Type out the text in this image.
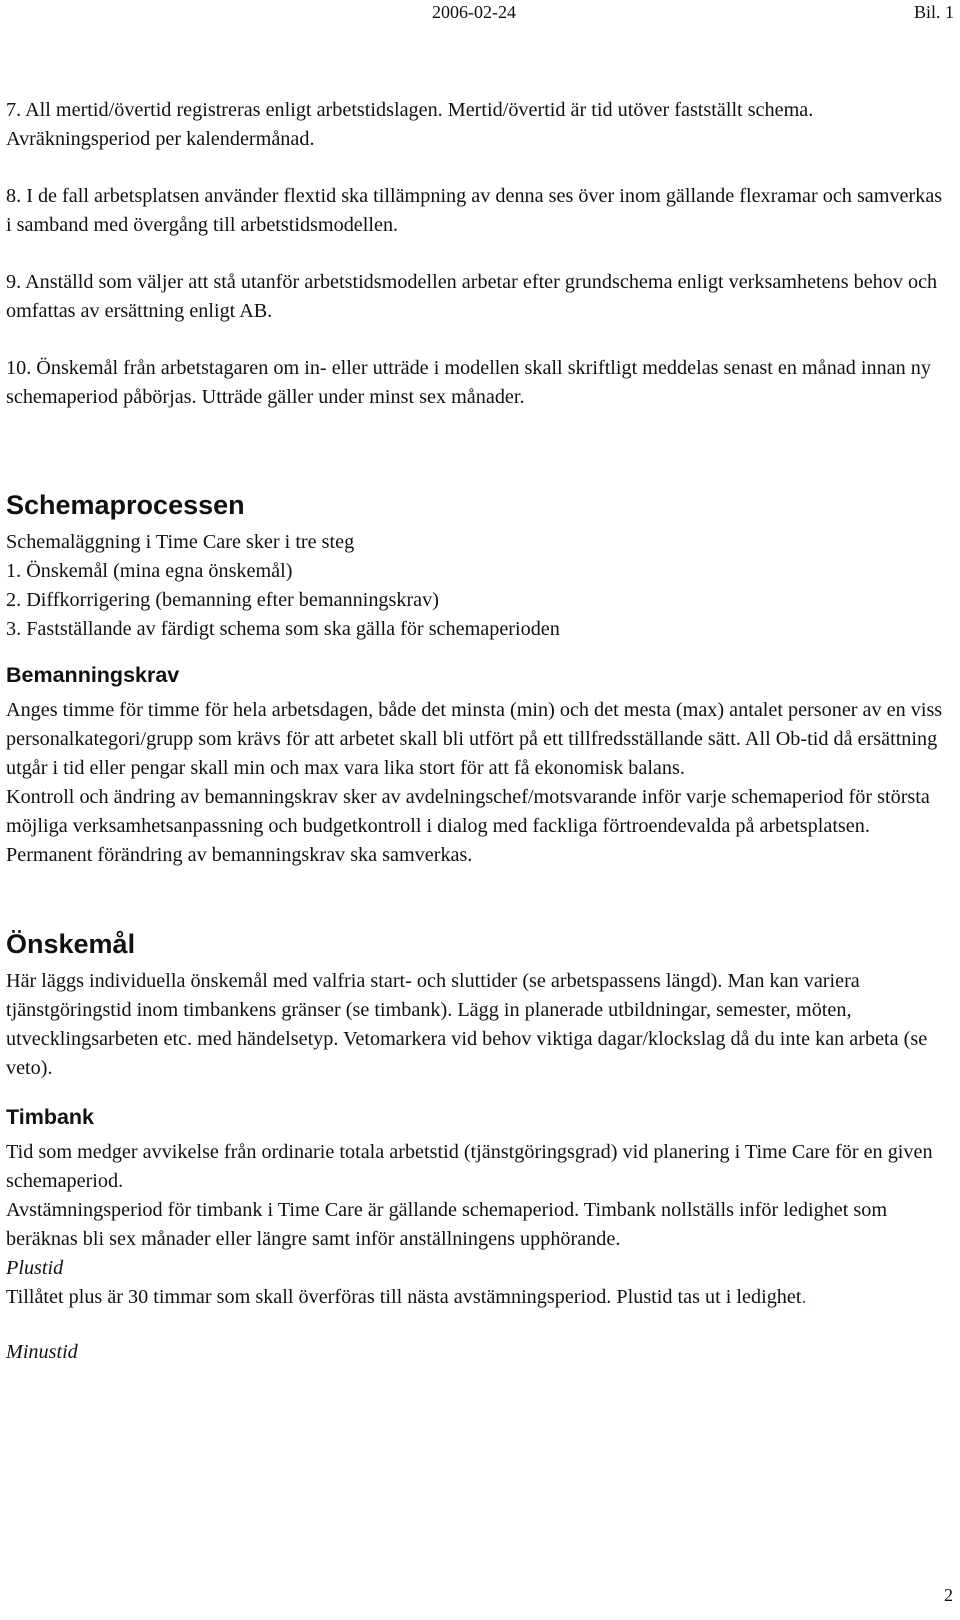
2006-02-24	Bil. 1

7. All mertid/övertid registreras enligt arbetstidslagen. Mertid/övertid är tid utöver fastställt schema. Avräkningsperiod per kalendermånad.

8. I de fall arbetsplatsen använder flextid ska tillämpning av denna ses över inom gällande flexramar och samverkas i samband med övergång till arbetstidsmodellen.

9. Anställd som väljer att stå utanför arbetstidsmodellen arbetar efter grundschema enligt verksamhetens behov och omfattas av ersättning enligt AB.

10. Önskemål från arbetstagaren om in- eller utträde i modellen skall skriftligt meddelas senast en månad innan ny schemaperiod påbörjas. Utträde gäller under minst sex månader.

Schemaprocessen

Schemaläggning i Time Care sker i tre steg

1. Önskemål (mina egna önskemål)

2. Diffkorrigering (bemanning efter bemanningskrav)

3. Fastställande av färdigt schema som ska gälla för schemaperioden

Bemanningskrav

Anges timme för timme för hela arbetsdagen, både det minsta (min) och det mesta (max) antalet personer av en viss personalkategori/grupp som krävs för att arbetet skall bli utfört på ett tillfredsställande sätt. All Ob-tid då ersättning utgår i tid eller pengar skall min och max vara lika stort för att få ekonomisk balans.

Kontroll och ändring av bemanningskrav sker av avdelningschef/motsvarande inför varje schemaperiod för största möjliga verksamhetsanpassning och budgetkontroll i dialog med fackliga förtroendevalda på arbetsplatsen. Permanent förändring av bemanningskrav ska samverkas.

Önskemål

Här läggs individuella önskemål med valfria start- och sluttider (se arbetspassens längd). Man kan variera tjänstgöringstid inom timbankens gränser (se timbank). Lägg in planerade utbildningar, semester, möten, utvecklingsarbeten etc. med händelsetyp. Vetomarkera vid behov viktiga dagar/klockslag då du inte kan arbeta (se veto).

Timbank

Tid som medger avvikelse från ordinarie totala arbetstid (tjänstgöringsgrad) vid planering i Time Care för en given schemaperiod.

Avstämningsperiod för timbank i Time Care är gällande schemaperiod. Timbank nollställs inför ledighet som beräknas bli sex månader eller längre samt inför anställningens upphörande.

Plustid

Tillåtet plus är 30 timmar som skall överföras till nästa avstämningsperiod. Plustid tas ut i ledighet.

Minustid

2
